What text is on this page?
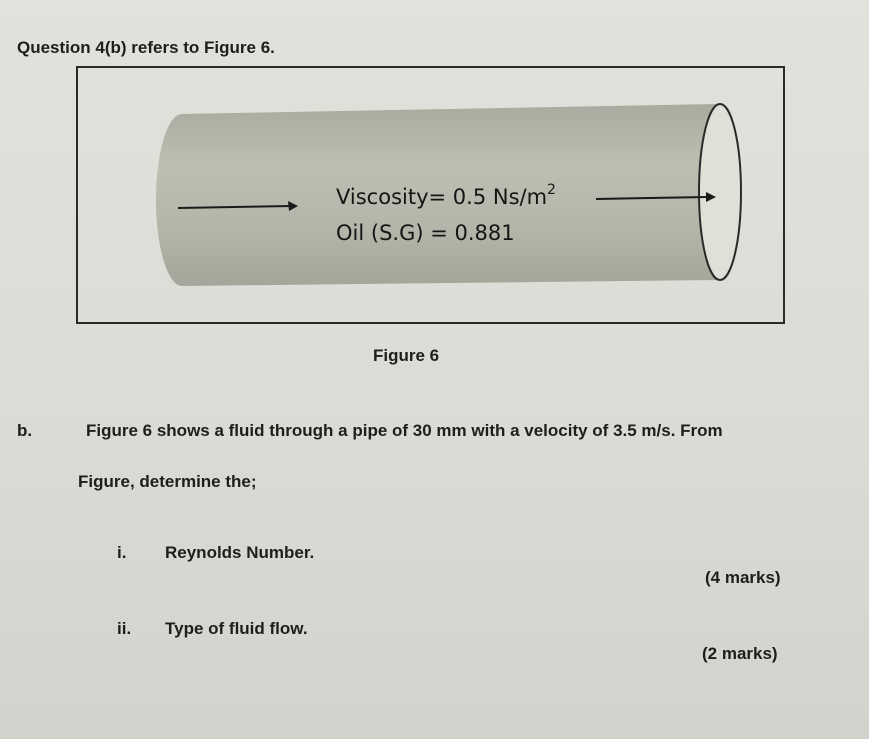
Question 4(b) refers to Figure 6.
Viscosity= 0.5 $Ns/m^2$
Oil (S.G) = 0.881
Figure 6
b.	Figure 6 shows a fluid through a pipe of 30 mm with a velocity of 3.5 m/s. From
Figure, determine the;
i. Reynolds Number.
(4 marks)
ii. Type of fluid flow.
(2 marks)
